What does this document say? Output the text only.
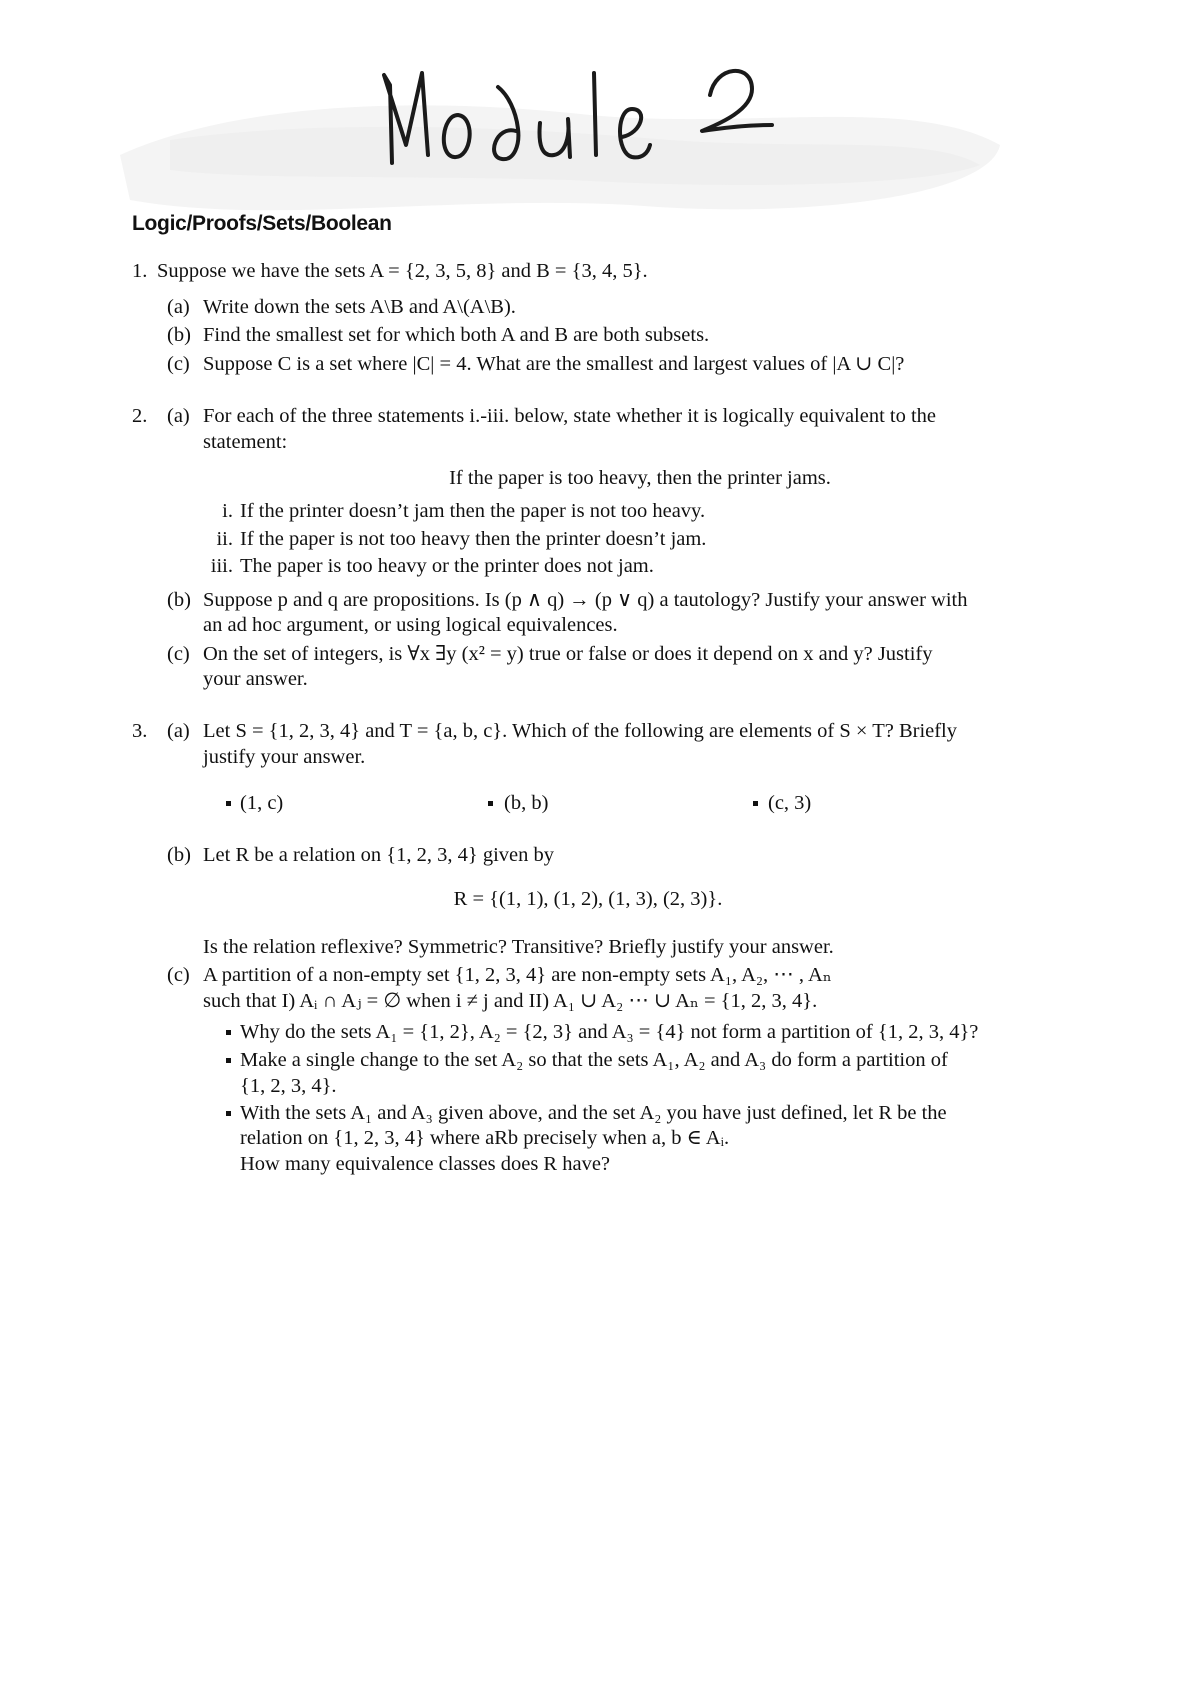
Logic/Proofs/Sets/Boolean
1. Suppose we have the sets A = {2, 3, 5, 8} and B = {3, 4, 5}.
(a) Write down the sets A\B and A\(A\B).
(b) Find the smallest set for which both A and B are both subsets.
(c) Suppose C is a set where |C| = 4. What are the smallest and largest values of |A ∪ C|?
2. (a) For each of the three statements i.-iii. below, state whether it is logically equivalent to the
statement:
If the paper is too heavy, then the printer jams.
i. If the printer doesn’t jam then the paper is not too heavy.
ii. If the paper is not too heavy then the printer doesn’t jam.
iii. The paper is too heavy or the printer does not jam.
(b) Suppose p and q are propositions. Is (p ∧ q) → (p ∨ q) a tautology? Justify your answer with
an ad hoc argument, or using logical equivalences.
(c) On the set of integers, is ∀x ∃y (x² = y) true or false or does it depend on x and y? Justify
your answer.
3. (a) Let S = {1, 2, 3, 4} and T = {a, b, c}. Which of the following are elements of S × T? Briefly
justify your answer.
(1, c)	(b, b)	(c, 3)
(b) Let R be a relation on {1, 2, 3, 4} given by
R = {(1, 1), (1, 2), (1, 3), (2, 3)}.
Is the relation reflexive? Symmetric? Transitive? Briefly justify your answer.
(c) A partition of a non-empty set {1, 2, 3, 4} are non-empty sets A₁, A₂, ⋯ , Aₙ
such that I) Aᵢ ∩ Aⱼ = ∅ when i ≠ j and II) A₁ ∪ A₂ ⋯ ∪ Aₙ = {1, 2, 3, 4}.
Why do the sets A₁ = {1, 2}, A₂ = {2, 3} and A₃ = {4} not form a partition of {1, 2, 3, 4}?
Make a single change to the set A₂ so that the sets A₁, A₂ and A₃ do form a partition of
{1, 2, 3, 4}.
With the sets A₁ and A₃ given above, and the set A₂ you have just defined, let R be the
relation on {1, 2, 3, 4} where aRb precisely when a, b ∈ Aᵢ.
How many equivalence classes does R have?
